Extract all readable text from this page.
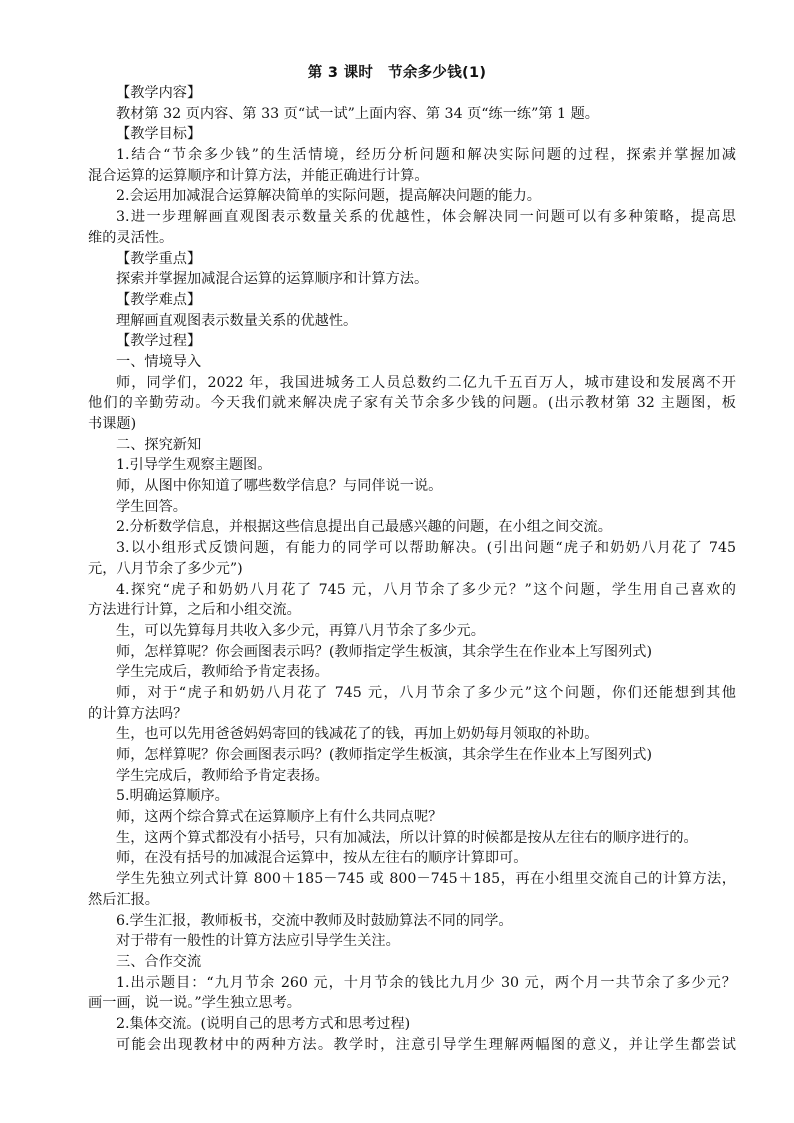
第 3 课时　节余多少钱(1)
【教学内容】
教材第 32 页内容、第 33 页“试一试”上面内容、第 34 页“练一练”第 1 题。
【教学目标】
1.结合“节余多少钱”的生活情境，经历分析问题和解决实际问题的过程，探索并掌握加减
混合运算的运算顺序和计算方法，并能正确进行计算。
2.会运用加减混合运算解决简单的实际问题，提高解决问题的能力。
3.进一步理解画直观图表示数量关系的优越性，体会解决同一问题可以有多种策略，提高思
维的灵活性。
【教学重点】
探索并掌握加减混合运算的运算顺序和计算方法。
【教学难点】
理解画直观图表示数量关系的优越性。
【教学过程】
一、情境导入
师，同学们，2022 年，我国进城务工人员总数约二亿九千五百万人，城市建设和发展离不开
他们的辛勤劳动。今天我们就来解决虎子家有关节余多少钱的问题。(出示教材第 32 主题图，板
书课题)
二、探究新知
1.引导学生观察主题图。
师，从图中你知道了哪些数学信息？与同伴说一说。
学生回答。
2.分析数学信息，并根据这些信息提出自己最感兴趣的问题，在小组之间交流。
3.以小组形式反馈问题，有能力的同学可以帮助解决。(引出问题“虎子和奶奶八月花了 745
元，八月节余了多少元”)
4.探究“虎子和奶奶八月花了 745 元，八月节余了多少元？”这个问题，学生用自己喜欢的
方法进行计算，之后和小组交流。
生，可以先算每月共收入多少元，再算八月节余了多少元。
师，怎样算呢？你会画图表示吗？(教师指定学生板演，其余学生在作业本上写图列式)
学生完成后，教师给予肯定表扬。
师，对于“虎子和奶奶八月花了 745 元，八月节余了多少元”这个问题，你们还能想到其他
的计算方法吗？
生，也可以先用爸爸妈妈寄回的钱减花了的钱，再加上奶奶每月领取的补助。
师，怎样算呢？你会画图表示吗？(教师指定学生板演，其余学生在作业本上写图列式)
学生完成后，教师给予肯定表扬。
5.明确运算顺序。
师，这两个综合算式在运算顺序上有什么共同点呢？
生，这两个算式都没有小括号，只有加减法，所以计算的时候都是按从左往右的顺序进行的。
师，在没有括号的加减混合运算中，按从左往右的顺序计算即可。
学生先独立列式计算 800＋185－745 或 800－745＋185，再在小组里交流自己的计算方法，
然后汇报。
6.学生汇报，教师板书，交流中教师及时鼓励算法不同的同学。
对于带有一般性的计算方法应引导学生关注。
三、合作交流
1.出示题目：“九月节余 260 元，十月节余的钱比九月少 30 元，两个月一共节余了多少元？
画一画，说一说。”学生独立思考。
2.集体交流。(说明自己的思考方式和思考过程)
可能会出现教材中的两种方法。教学时，注意引导学生理解两幅图的意义，并让学生都尝试
